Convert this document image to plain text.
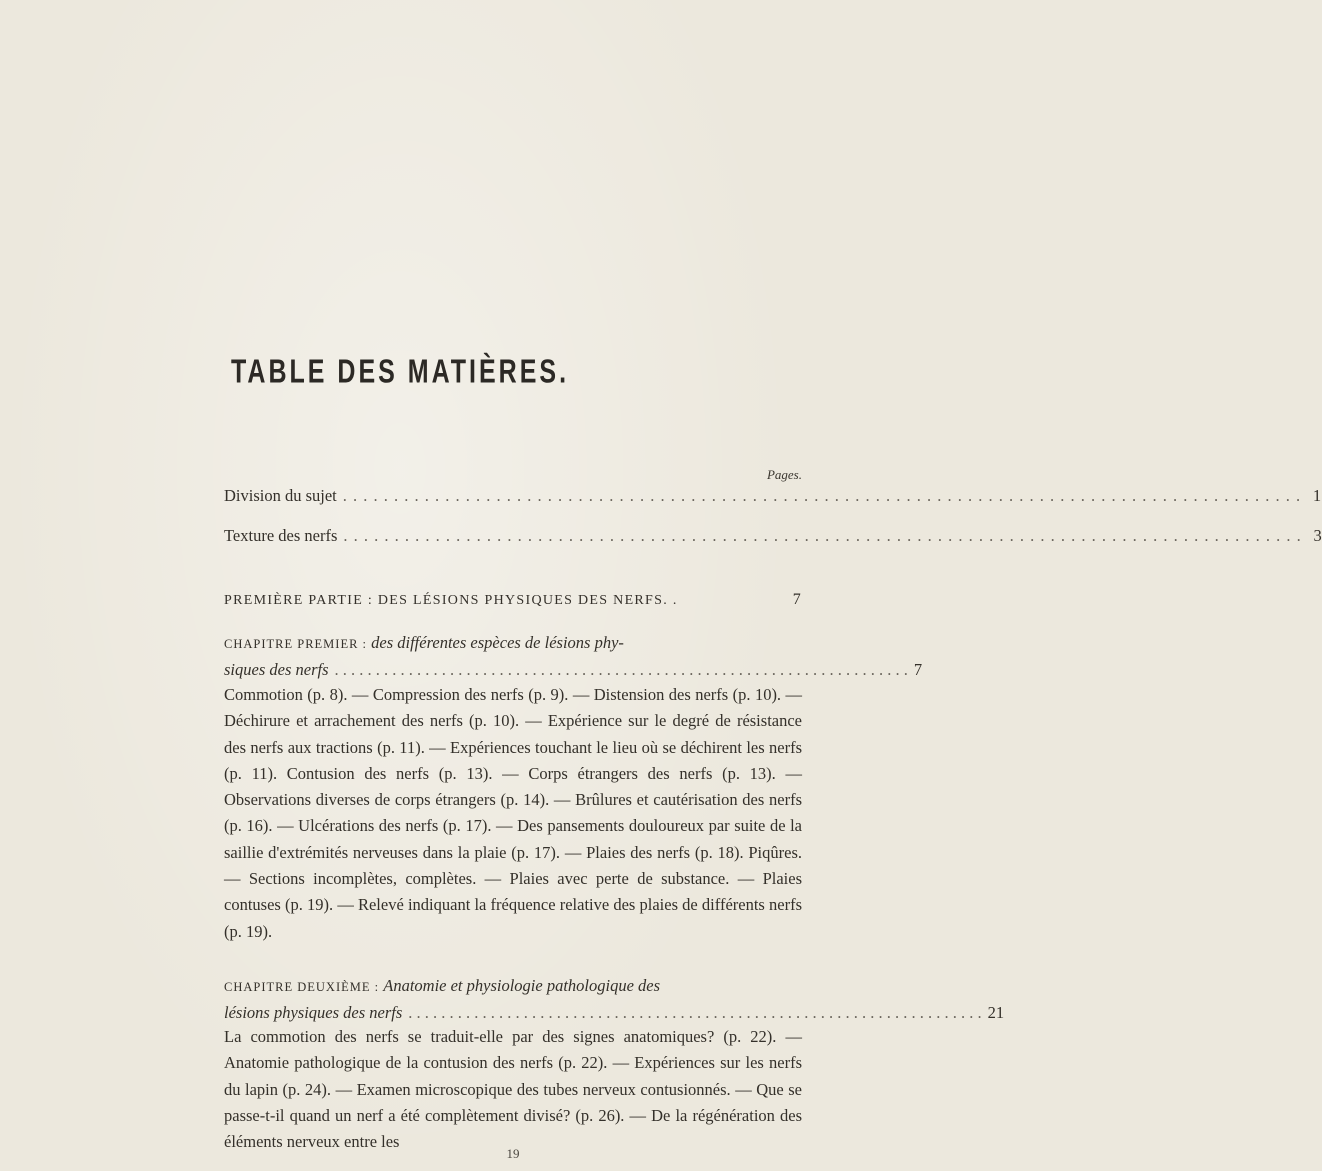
TABLE DES MATIÈRES.
Pages.
Division du sujet . . .	1
Texture des nerfs . . .	3
PREMIÈRE PARTIE : DES LÉSIONS PHYSIQUES DES NERFS. .	7
CHAPITRE PREMIER : des différentes espèces de lésions phy-
siques des nerfs . . .	7
Commotion (p. 8). — Compression des nerfs (p. 9). — Distension des nerfs (p. 10). — Déchirure et arrachement des nerfs (p. 10). — Expérience sur le degré de résistance des nerfs aux tractions (p. 11). — Expériences touchant le lieu où se déchirent les nerfs (p. 11). Contusion des nerfs (p. 13). — Corps étrangers des nerfs (p. 13). — Observations diverses de corps étrangers (p. 14). — Brûlures et cautérisation des nerfs (p. 16). — Ulcérations des nerfs (p. 17). — Des pansements douloureux par suite de la saillie d'extrémités nerveuses dans la plaie (p. 17). — Plaies des nerfs (p. 18). Piqûres. — Sections incomplètes, complètes. — Plaies avec perte de substance. — Plaies contuses (p. 19). — Relevé indiquant la fréquence relative des plaies de différents nerfs (p. 19).
CHAPITRE DEUXIÈME : Anatomie et physiologie pathologique des
lésions physiques des nerfs . . .	21
La commotion des nerfs se traduit-elle par des signes anatomiques? (p. 22). — Anatomie pathologique de la contusion des nerfs (p. 22). — Expériences sur les nerfs du lapin (p. 24). — Examen microscopique des tubes nerveux contusionnés. — Que se passe-t-il quand un nerf a été complètement divisé? (p. 26). — De la régénération des éléments nerveux entre les
19
